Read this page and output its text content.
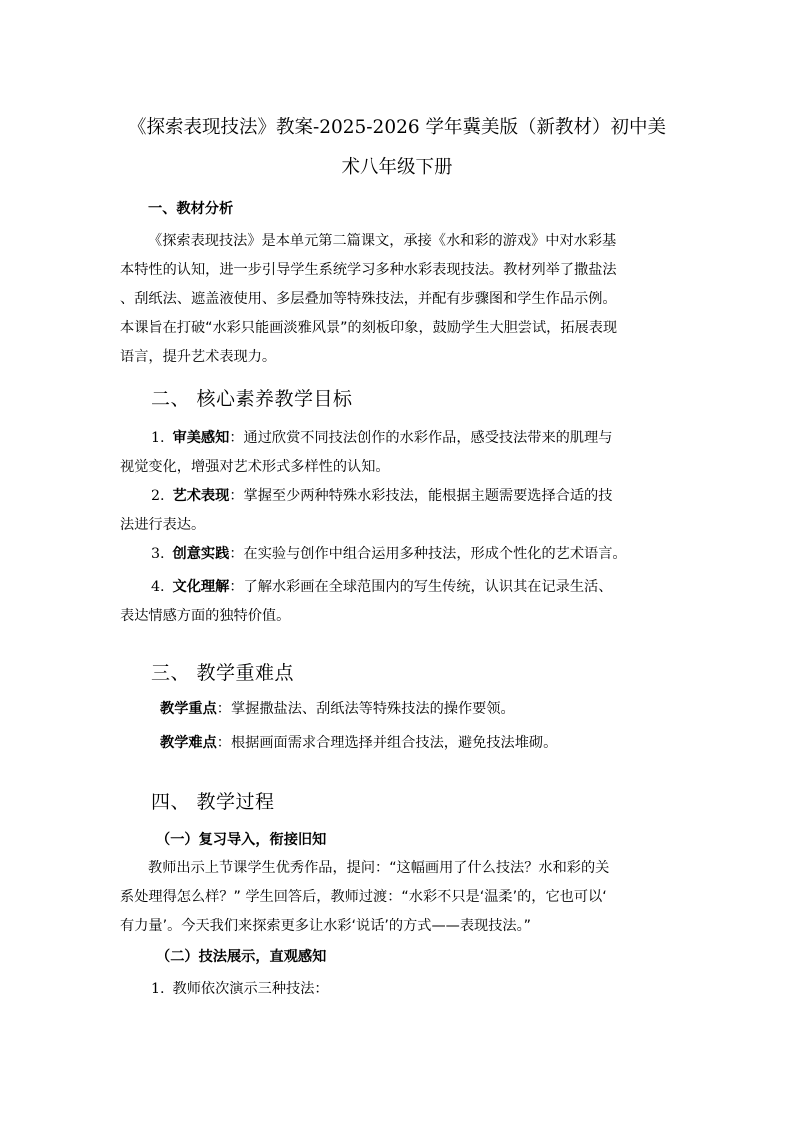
《探索表现技法》教案-2025-2026 学年冀美版（新教材）初中美
术八年级下册
一、教材分析

《探索表现技法》是本单元第二篇课文，承接《水和彩的游戏》中对水彩基
本特性的认知，进一步引导学生系统学习多种水彩表现技法。教材列举了撒盐法
、刮纸法、遮盖液使用、多层叠加等特殊技法，并配有步骤图和学生作品示例。
本课旨在打破“水彩只能画淡雅风景”的刻板印象，鼓励学生大胆尝试，拓展表现
语言，提升艺术表现力。

二、 核心素养教学目标
1. 审美感知：通过欣赏不同技法创作的水彩作品，感受技法带来的肌理与
视觉变化，增强对艺术形式多样性的认知。
2. 艺术表现：掌握至少两种特殊水彩技法，能根据主题需要选择合适的技
法进行表达。
3. 创意实践：在实验与创作中组合运用多种技法，形成个性化的艺术语言。
4. 文化理解：了解水彩画在全球范围内的写生传统，认识其在记录生活、
表达情感方面的独特价值。
三、 教学重难点

教学重点：掌握撒盐法、刮纸法等特殊技法的操作要领。

教学难点：根据画面需求合理选择并组合技法，避免技法堆砌。

四、 教学过程
（一）复习导入，衔接旧知

教师出示上节课学生优秀作品，提问：“这幅画用了什么技法？水和彩的关
系处理得怎么样？” 学生回答后，教师过渡：“水彩不只是‘温柔’的，它也可以‘
有力量’。今天我们来探索更多让水彩‘说话’的方式——表现技法。”

（二）技法展示，直观感知
1. 教师依次演示三种技法：
